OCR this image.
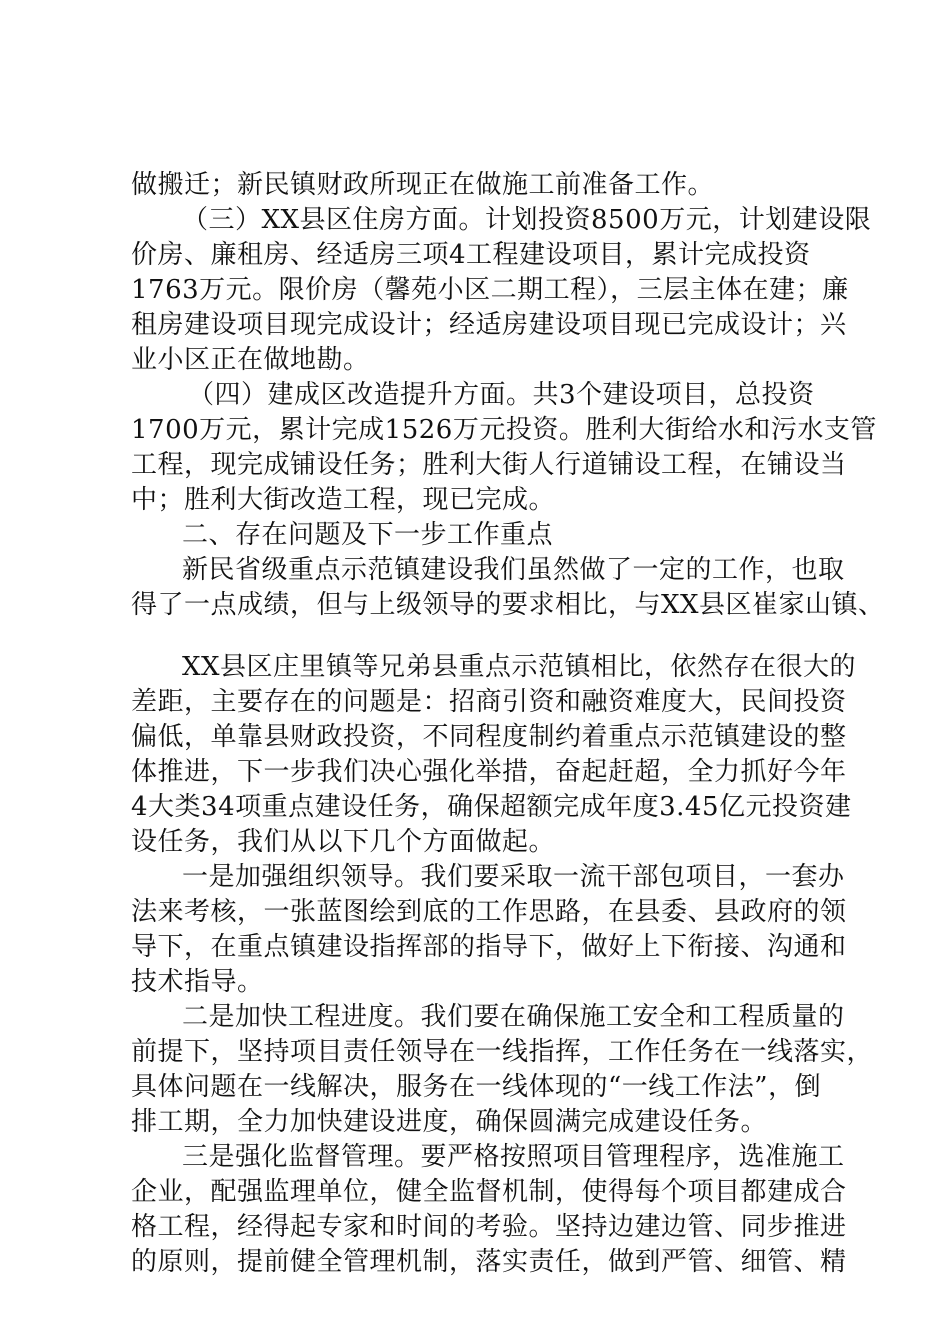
做搬迁；新民镇财政所现正在做施工前准备工作。
（三）XX县区住房方面。计划投资8500万元，计划建设限
价房、廉租房、经适房三项4工程建设项目，累计完成投资
1763万元。限价房（馨苑小区二期工程），三层主体在建；廉
租房建设项目现完成设计；经适房建设项目现已完成设计；兴
业小区正在做地勘。
（四）建成区改造提升方面。共3个建设项目，总投资
1700万元，累计完成1526万元投资。胜利大街给水和污水支管
工程，现完成铺设任务；胜利大街人行道铺设工程，在铺设当
中；胜利大街改造工程，现已完成。
二、存在问题及下一步工作重点
新民省级重点示范镇建设我们虽然做了一定的工作，也取
得了一点成绩，但与上级领导的要求相比，与XX县区崔家山镇、
XX县区庄里镇等兄弟县重点示范镇相比，依然存在很大的
差距，主要存在的问题是：招商引资和融资难度大，民间投资
偏低，单靠县财政投资，不同程度制约着重点示范镇建设的整
体推进，下一步我们决心强化举措，奋起赶超，全力抓好今年
4大类34项重点建设任务，确保超额完成年度3.45亿元投资建
设任务，我们从以下几个方面做起。
一是加强组织领导。我们要采取一流干部包项目，一套办
法来考核，一张蓝图绘到底的工作思路，在县委、县政府的领
导下，在重点镇建设指挥部的指导下，做好上下衔接、沟通和
技术指导。
二是加快工程进度。我们要在确保施工安全和工程质量的
前提下，坚持项目责任领导在一线指挥，工作任务在一线落实，
具体问题在一线解决，服务在一线体现的“一线工作法”，倒
排工期，全力加快建设进度，确保圆满完成建设任务。
三是强化监督管理。要严格按照项目管理程序，选准施工
企业，配强监理单位，健全监督机制，使得每个项目都建成合
格工程，经得起专家和时间的考验。坚持边建边管、同步推进
的原则，提前健全管理机制，落实责任，做到严管、细管、精
